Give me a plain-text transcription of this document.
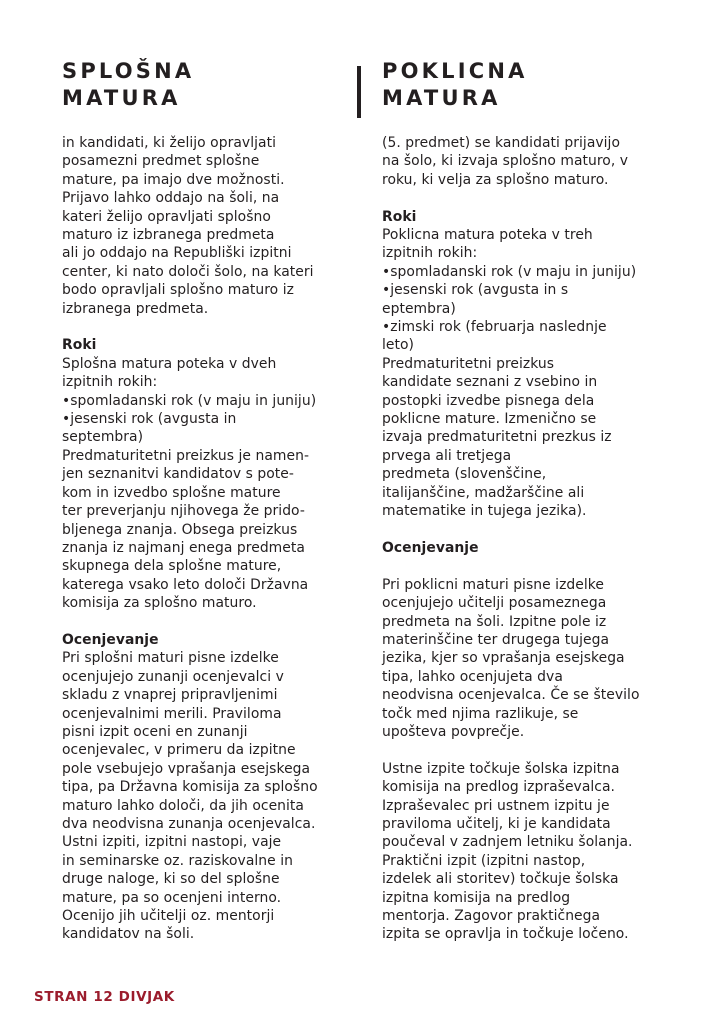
SPLOŠNA
MATURA
in kandidati, ki želijo opravljati
posamezni predmet splošne
mature, pa imajo dve možnosti.
Prijavo lahko oddajo na šoli, na
kateri želijo opravljati splošno
maturo iz izbranega predmeta
ali jo oddajo na Republiški izpitni
center, ki nato določi šolo, na kateri
bodo opravljali splošno maturo iz
izbranega predmeta.
Roki
Splošna matura poteka v dveh
izpitnih rokih:
•spomladanski rok (v maju in juniju)
•jesenski rok (avgusta in
septembra)
Predmaturitetni preizkus je namen-
jen seznanitvi kandidatov s pote-
kom in izvedbo splošne mature
ter preverjanju njihovega že prido-
bljenega znanja. Obsega preizkus
znanja iz najmanj enega predmeta
skupnega dela splošne mature,
katerega vsako leto določi Državna
komisija za splošno maturo.
Ocenjevanje
Pri splošni maturi pisne izdelke
ocenjujejo zunanji ocenjevalci v
skladu z vnaprej pripravljenimi
ocenjevalnimi merili. Praviloma
pisni izpit oceni en zunanji
ocenjevalec, v primeru da izpitne
pole vsebujejo vprašanja esejskega
tipa, pa Državna komisija za splošno
maturo lahko določi, da jih ocenita
dva neodvisna zunanja ocenjevalca.
Ustni izpiti, izpitni nastopi, vaje
in seminarske oz. raziskovalne in
druge naloge, ki so del splošne
mature, pa so ocenjeni interno.
Ocenijo jih učitelji oz. mentorji
kandidatov na šoli.
POKLICNA
MATURA
(5. predmet) se kandidati prijavijo
na šolo, ki izvaja splošno maturo, v
roku, ki velja za splošno maturo.
Roki
Poklicna matura poteka v treh
izpitnih rokih:
•spomladanski rok (v maju in juniju)
•jesenski rok (avgusta in s
eptembra)
•zimski rok (februarja naslednje
leto)
Predmaturitetni preizkus
kandidate seznani z vsebino in
postopki izvedbe pisnega dela
poklicne mature. Izmenično se
izvaja predmaturitetni prezkus iz
prvega ali tretjega
predmeta (slovenščine,
italijanščine, madžarščine ali
matematike in tujega jezika).
Ocenjevanje
Pri poklicni maturi pisne izdelke
ocenjujejo učitelji posameznega
predmeta na šoli. Izpitne pole iz
materinščine ter drugega tujega
jezika, kjer so vprašanja esejskega
tipa, lahko ocenjujeta dva
neodvisna ocenjevalca. Če se število
točk med njima razlikuje, se
upošteva povprečje.
Ustne izpite točkuje šolska izpitna
komisija na predlog izpraševalca.
Izpraševalec pri ustnem izpitu je
praviloma učitelj, ki je kandidata
poučeval v zadnjem letniku šolanja.
Praktični izpit (izpitni nastop,
izdelek ali storitev) točkuje šolska
izpitna komisija na predlog
mentorja. Zagovor praktičnega
izpita se opravlja in točkuje ločeno.
STRAN 12 DIVJAK
